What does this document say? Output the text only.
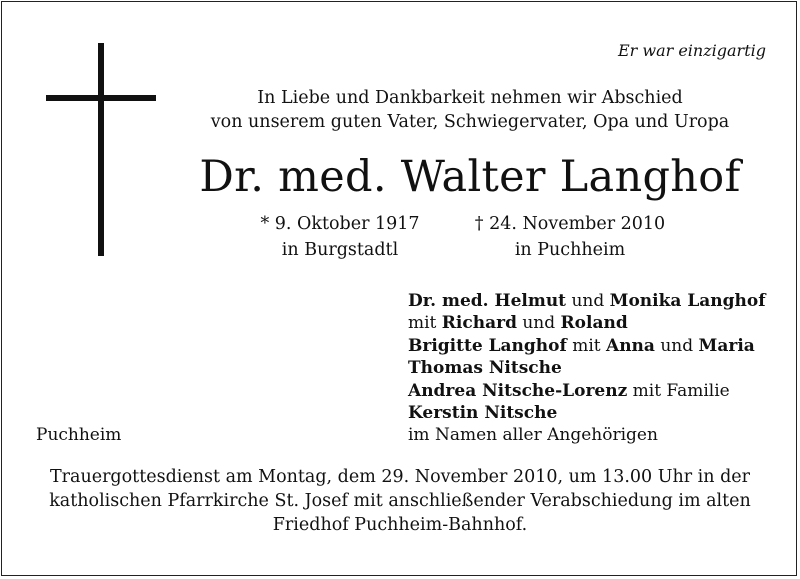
Er war einzigartig
In Liebe und Dankbarkeit nehmen wir Abschied
von unserem guten Vater, Schwiegervater, Opa und Uropa
Dr. med. Walter Langhof
* 9. Oktober 1917
in Burgstadtl
† 24. November 2010
in Puchheim
Dr. med. Helmut und Monika Langhof
mit Richard und Roland
Brigitte Langhof mit Anna und Maria
Thomas Nitsche
Andrea Nitsche-Lorenz mit Familie
Kerstin Nitsche
im Namen aller Angehörigen
Puchheim
Trauergottesdienst am Montag, dem 29. November 2010, um 13.00 Uhr in der
katholischen Pfarrkirche St. Josef mit anschließender Verabschiedung im alten
Friedhof Puchheim-Bahnhof.
